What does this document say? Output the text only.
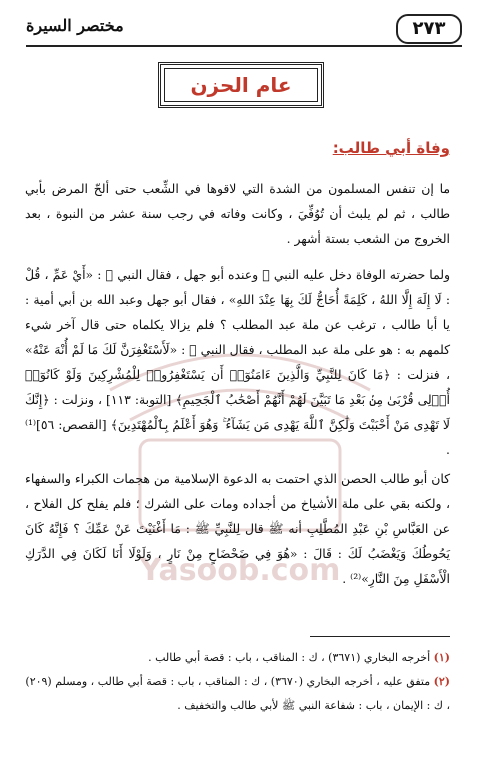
٢٧٣
مختصر السيرة
Yasoob.com
عام الحزن
وفاة أبي طالب:
ما إن تنفس المسلمون من الشدة التي لاقوها في الشِّعب حتى ألحّ المرض بأبي طالب ، ثم لم يلبث أن تُوُفِّيَ ، وكانت وفاته في رجب سنة عشر من النبوة ، بعد الخروج من الشعب بستة أشهر .
ولما حضرته الوفاة دخل عليه النبي ﷺ وعنده أبو جهل ، فقال النبي ﷺ : «أَيْ عَمِّ ، قُلْ : لَا إِلَهَ إِلَّا اللهُ ، كَلِمَةً أُحَاجُّ لَكَ بِهَا عِنْدَ اللهِ» ، فقال أبو جهل وعبد الله بن أبي أمية : يا أبا طالب ، ترغب عن ملة عبد المطلب ؟ فلم يزالا يكلماه حتى قال آخر شيء كلمهم به : هو على ملة عبد المطلب ، فقال النبي ﷺ : «لَأَسْتَغْفِرَنَّ لَكَ مَا لَمْ أُنْهَ عَنْهُ» ، فنزلت : ﴿مَا كَانَ لِلنَّبِيِّ وَالَّذِينَ ءَامَنُوٓا۟ أَن يَسْتَغْفِرُوا۟ لِلْمُشْرِكِينَ وَلَوْ كَانُوٓا۟ أُو۟لِى قُرْبَىٰ مِنۢ بَعْدِ مَا تَبَيَّنَ لَهُمْ أَنَّهُمْ أَصْحَٰبُ ٱلْجَحِيمِ﴾ [التوبة: ١١٣] ، ونزلت : ﴿إِنَّكَ لَا تَهْدِى مَنْ أَحْبَبْتَ وَلَٰكِنَّ ٱللَّهَ يَهْدِى مَن يَشَآءُ ۚ وَهُوَ أَعْلَمُ بِٱلْمُهْتَدِينَ﴾ [القصص: ٥٦]⁽¹⁾ .
كان أبو طالب الحصن الذي احتمت به الدعوة الإسلامية من هجمات الكبراء والسفهاء ، ولكنه بقي على ملة الأشياخ من أجداده ومات على الشرك ؛ فلم يفلح كل الفلاح ، عن العَبَّاسِ بْنِ عَبْدِ المُطَّلِبِ أنه ﷺ قال لِلنَّبِيِّ ﷺ : مَا أَغْنَيْتَ عَنْ عَمِّكَ ؟ فَإِنَّهُ كَانَ يَحُوطُكَ وَيَغْضَبُ لَكَ : قَالَ : «هُوَ فِي ضَحْضَاحٍ مِنْ نَارٍ ، وَلَوْلَا أَنَا لَكَانَ فِي الدَّرَكِ الْأَسْفَلِ مِنَ النَّارِ»⁽²⁾ .
(١) أخرجه البخاري (٣٦٧١) ، ك : المناقب ، باب : قصة أبي طالب .
(٢) متفق عليه ، أخرجه البخاري (٣٦٧٠) ، ك : المناقب ، باب : قصة أبي طالب ، ومسلم (٢٠٩) ، ك : الإيمان ، باب : شفاعة النبي ﷺ لأبي طالب والتخفيف .
